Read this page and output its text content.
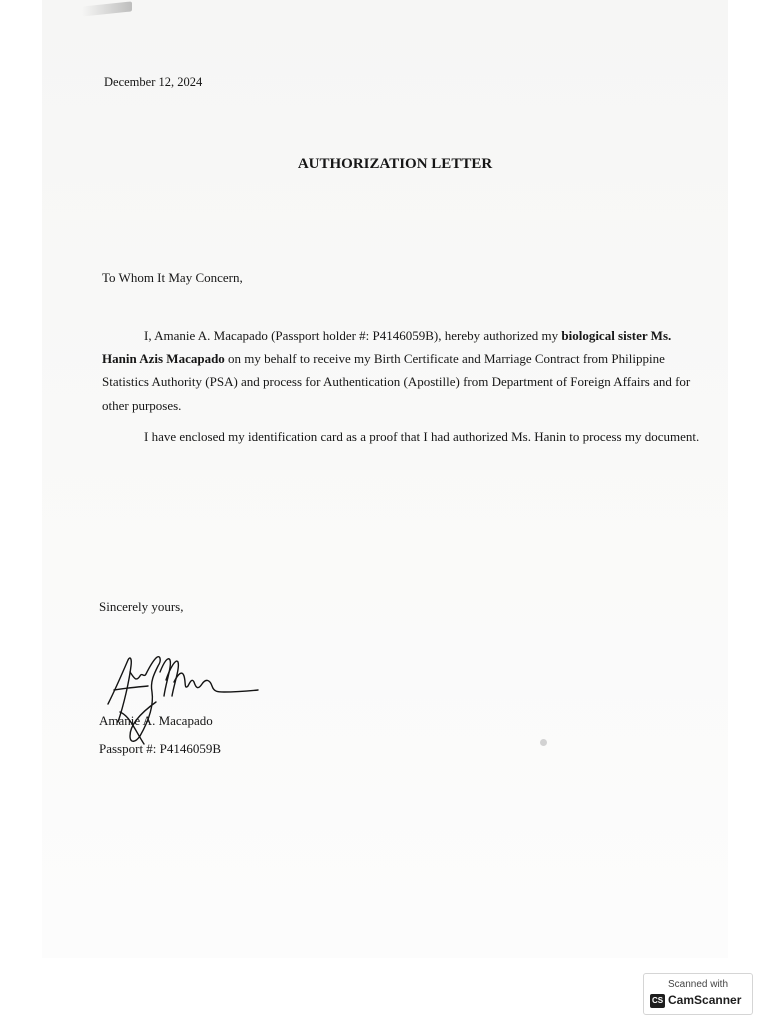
December 12, 2024
AUTHORIZATION LETTER
To Whom It May Concern,
I, Amanie A. Macapado (Passport holder #: P4146059B), hereby authorized my biological sister Ms. Hanin Azis Macapado on my behalf to receive my Birth Certificate and Marriage Contract from Philippine Statistics Authority (PSA) and process for Authentication (Apostille) from Department of Foreign Affairs and for other purposes.
I have enclosed my identification card as a proof that I had authorized Ms. Hanin to process my document.
Sincerely yours,
Amanie A. Macapado
Passport #: P4146059B
Scanned with
CS CamScanner
